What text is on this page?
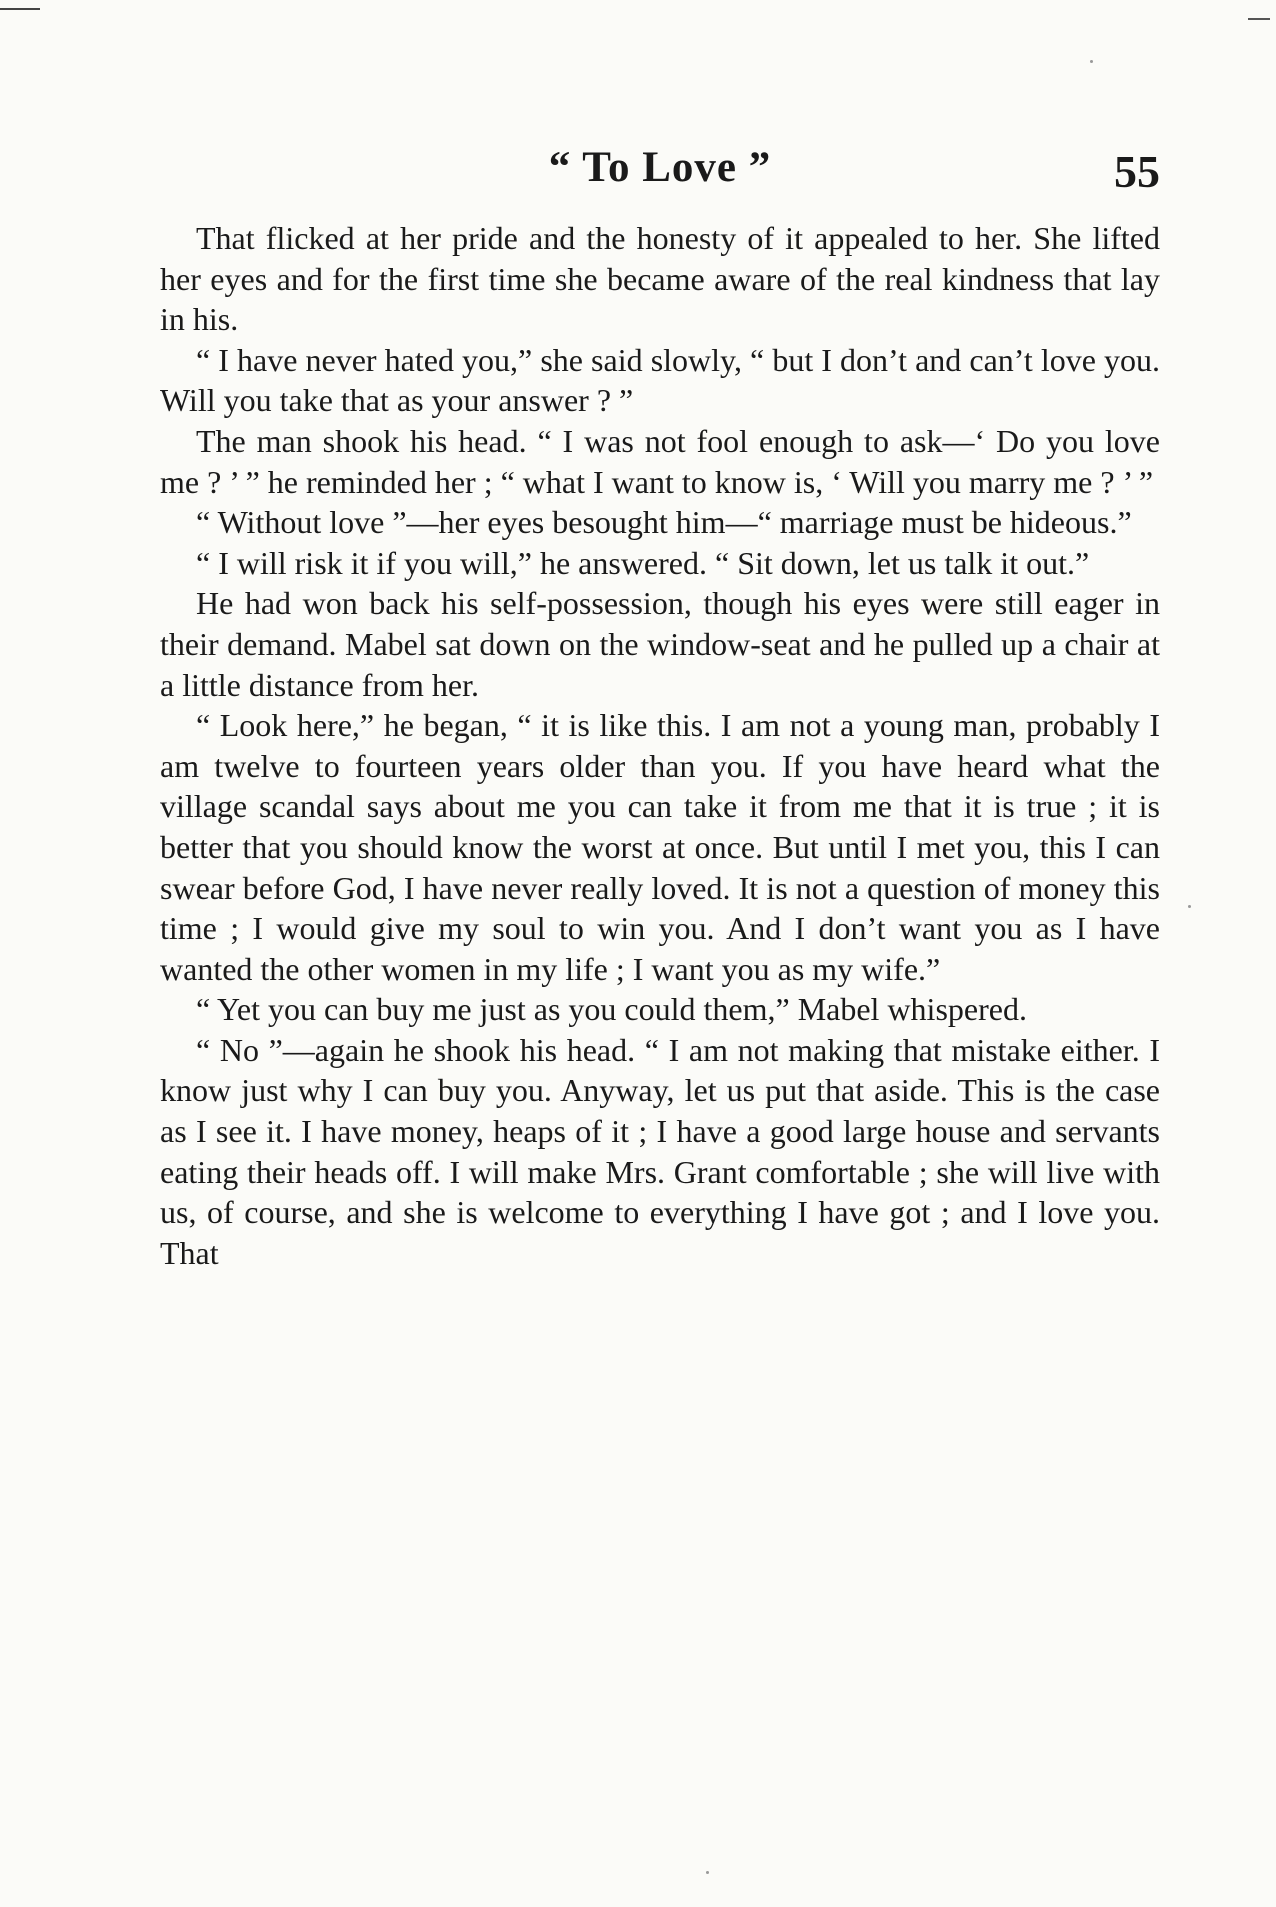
“ To Love ”	55

That flicked at her pride and the honesty of it appealed to her. She lifted her eyes and for the first time she became aware of the real kindness that lay in his.

“ I have never hated you,” she said slowly, “ but I don’t and can’t love you. Will you take that as your answer ? ”

The man shook his head. “ I was not fool enough to ask—‘ Do you love me ? ’ ” he reminded her ; “ what I want to know is, ‘ Will you marry me ? ’ ”

“ Without love ”—her eyes besought him—“ marriage must be hideous.”

“ I will risk it if you will,” he answered. “ Sit down, let us talk it out.”

He had won back his self-possession, though his eyes were still eager in their demand. Mabel sat down on the window-seat and he pulled up a chair at a little distance from her.

“ Look here,” he began, “ it is like this. I am not a young man, probably I am twelve to fourteen years older than you. If you have heard what the village scandal says about me you can take it from me that it is true ; it is better that you should know the worst at once. But until I met you, this I can swear before God, I have never really loved. It is not a question of money this time ; I would give my soul to win you. And I don’t want you as I have wanted the other women in my life ; I want you as my wife.”

“ Yet you can buy me just as you could them,” Mabel whispered.

“ No ”—again he shook his head. “ I am not making that mistake either. I know just why I can buy you. Anyway, let us put that aside. This is the case as I see it. I have money, heaps of it ; I have a good large house and servants eating their heads off. I will make Mrs. Grant comfortable ; she will live with us, of course, and she is welcome to everything I have got ; and I love you. That
